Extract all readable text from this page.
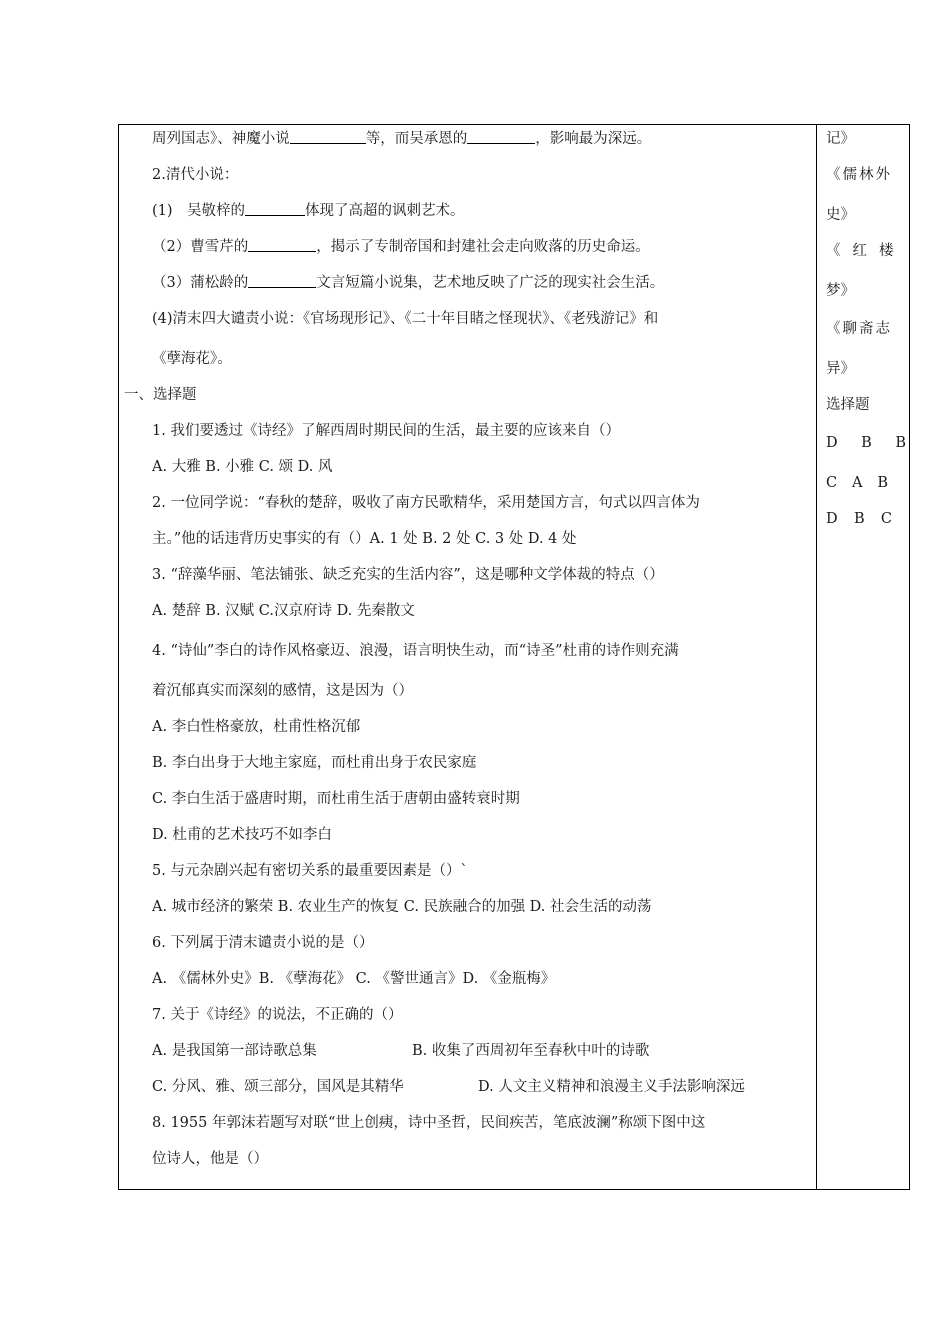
周列国志》、神魔小说	等，而吴承恩的	，影响最为深远。
2.清代小说：
(1)　吴敬梓的	体现了高超的讽刺艺术。
（2）曹雪芹的	，揭示了专制帝国和封建社会走向败落的历史命运。
（3）蒲松龄的	文言短篇小说集，艺术地反映了广泛的现实社会生活。
(4)清末四大谴责小说：《官场现形记》、《二十年目睹之怪现状》、《老残游记》和
《孽海花》。
一、选择题
1. 我们要透过《诗经》了解西周时期民间的生活，最主要的应该来自（）
A. 大雅 B. 小雅 C. 颂 D. 风
2. 一位同学说：“春秋的楚辞，吸收了南方民歌精华，采用楚国方言，句式以四言体为
主。”他的话违背历史事实的有（）A. 1 处 B. 2 处 C. 3 处 D. 4 处
3. “辞藻华丽、笔法铺张、缺乏充实的生活内容”，这是哪种文学体裁的特点（）
A. 楚辞 B. 汉赋 C.汉京府诗 D. 先秦散文
4. “诗仙”李白的诗作风格豪迈、浪漫，语言明快生动，而“诗圣”杜甫的诗作则充满
着沉郁真实而深刻的感情，这是因为（）
A. 李白性格豪放，杜甫性格沉郁
B. 李白出身于大地主家庭，而杜甫出身于农民家庭
C. 李白生活于盛唐时期，而杜甫生活于唐朝由盛转衰时期
D. 杜甫的艺术技巧不如李白
5. 与元杂剧兴起有密切关系的最重要因素是（）`
A. 城市经济的繁荣 B. 农业生产的恢复 C. 民族融合的加强 D. 社会生活的动荡
6. 下列属于清末谴责小说的是（）
A. 《儒林外史》B. 《孽海花》 C. 《警世通言》D. 《金瓶梅》
7. 关于《诗经》的说法，不正确的（）
A. 是我国第一部诗歌总集	B. 收集了西周初年至春秋中叶的诗歌
C. 分风、雅、颂三部分，国风是其精华	D. 人文主义精神和浪漫主义手法影响深远
8. 1955 年郭沫若题写对联“世上创痍，诗中圣哲，民间疾苦，笔底波澜”称颂下图中这
位诗人，他是（）
记》
《儒林外
史》
《红楼
梦》
《聊斋志
异》
选择题
D B B
C A B
D B C
